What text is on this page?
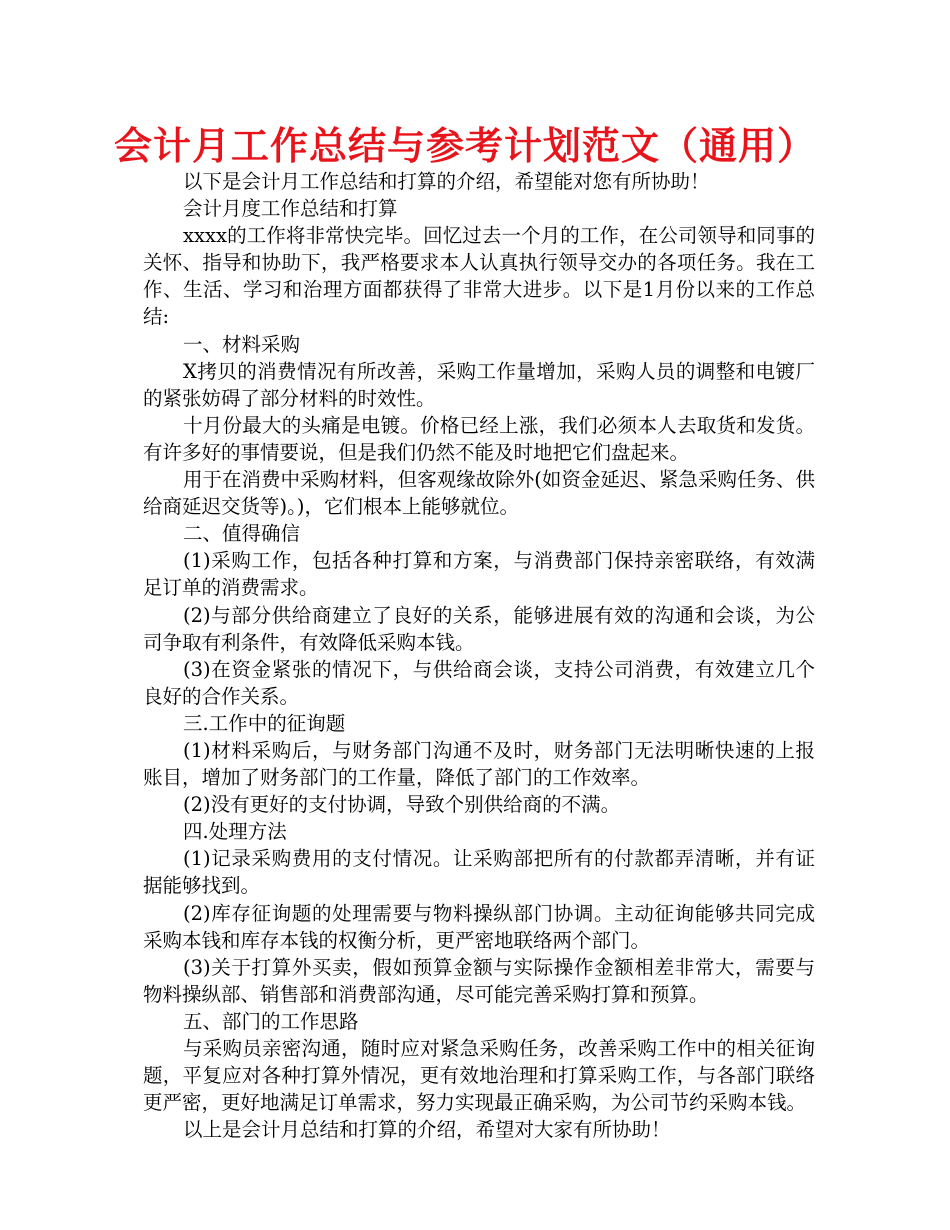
会计月工作总结与参考计划范文（通用）

以下是会计月工作总结和打算的介绍，希望能对您有所协助！

会计月度工作总结和打算

xxxx的工作将非常快完毕。回忆过去一个月的工作，在公司领导和同事的关怀、指导和协助下，我严格要求本人认真执行领导交办的各项任务。我在工作、生活、学习和治理方面都获得了非常大进步。以下是1月份以来的工作总结:

一、材料采购

X拷贝的消费情况有所改善，采购工作量增加，采购人员的调整和电镀厂的紧张妨碍了部分材料的时效性。

十月份最大的头痛是电镀。价格已经上涨，我们必须本人去取货和发货。有许多好的事情要说，但是我们仍然不能及时地把它们盘起来。

用于在消费中采购材料，但客观缘故除外(如资金延迟、紧急采购任务、供给商延迟交货等)。)，它们根本上能够就位。

二、值得确信

(1)采购工作，包括各种打算和方案，与消费部门保持亲密联络，有效满足订单的消费需求。

(2)与部分供给商建立了良好的关系，能够进展有效的沟通和会谈，为公司争取有利条件，有效降低采购本钱。

(3)在资金紧张的情况下，与供给商会谈，支持公司消费，有效建立几个良好的合作关系。

三.工作中的征询题

(1)材料采购后，与财务部门沟通不及时，财务部门无法明晰快速的上报账目，增加了财务部门的工作量，降低了部门的工作效率。

(2)没有更好的支付协调，导致个别供给商的不满。

四.处理方法

(1)记录采购费用的支付情况。让采购部把所有的付款都弄清晰，并有证据能够找到。

(2)库存征询题的处理需要与物料操纵部门协调。主动征询能够共同完成采购本钱和库存本钱的权衡分析，更严密地联络两个部门。

(3)关于打算外买卖，假如预算金额与实际操作金额相差非常大，需要与物料操纵部、销售部和消费部沟通，尽可能完善采购打算和预算。

五、部门的工作思路

与采购员亲密沟通，随时应对紧急采购任务，改善采购工作中的相关征询题，平复应对各种打算外情况，更有效地治理和打算采购工作，与各部门联络更严密，更好地满足订单需求，努力实现最正确采购，为公司节约采购本钱。

以上是会计月总结和打算的介绍，希望对大家有所协助！
